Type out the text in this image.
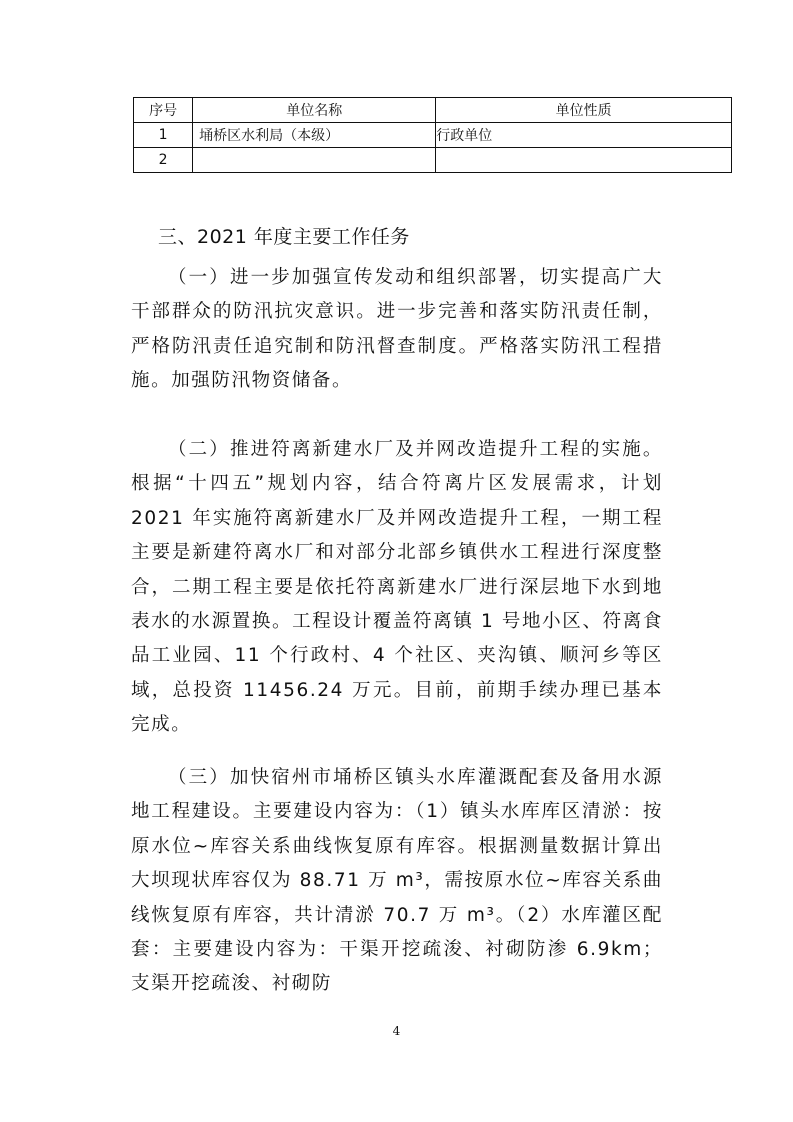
序号	单位名称	单位性质
1	埇桥区水利局（本级）	行政单位
2		
三、2021 年度主要工作任务

（一）进一步加强宣传发动和组织部署，切实提高广大干部群众的防汛抗灾意识。进一步完善和落实防汛责任制，严格防汛责任追究制和防汛督查制度。严格落实防汛工程措施。加强防汛物资储备。

（二）推进符离新建水厂及并网改造提升工程的实施。根据“十四五”规划内容，结合符离片区发展需求，计划 2021 年实施符离新建水厂及并网改造提升工程，一期工程主要是新建符离水厂和对部分北部乡镇供水工程进行深度整合，二期工程主要是依托符离新建水厂进行深层地下水到地表水的水源置换。工程设计覆盖符离镇 1 号地小区、符离食品工业园、11 个行政村、4 个社区、夹沟镇、顺河乡等区域，总投资 11456.24 万元。目前，前期手续办理已基本完成。

（三）加快宿州市埇桥区镇头水库灌溉配套及备用水源地工程建设。主要建设内容为：（1）镇头水库库区清淤：按原水位~库容关系曲线恢复原有库容。根据测量数据计算出大坝现状库容仅为 88.71 万 m³，需按原水位~库容关系曲线恢复原有库容，共计清淤 70.7 万 m³。（2）水库灌区配套：主要建设内容为：干渠开挖疏浚、衬砌防渗 6.9km；支渠开挖疏浚、衬砌防

4
